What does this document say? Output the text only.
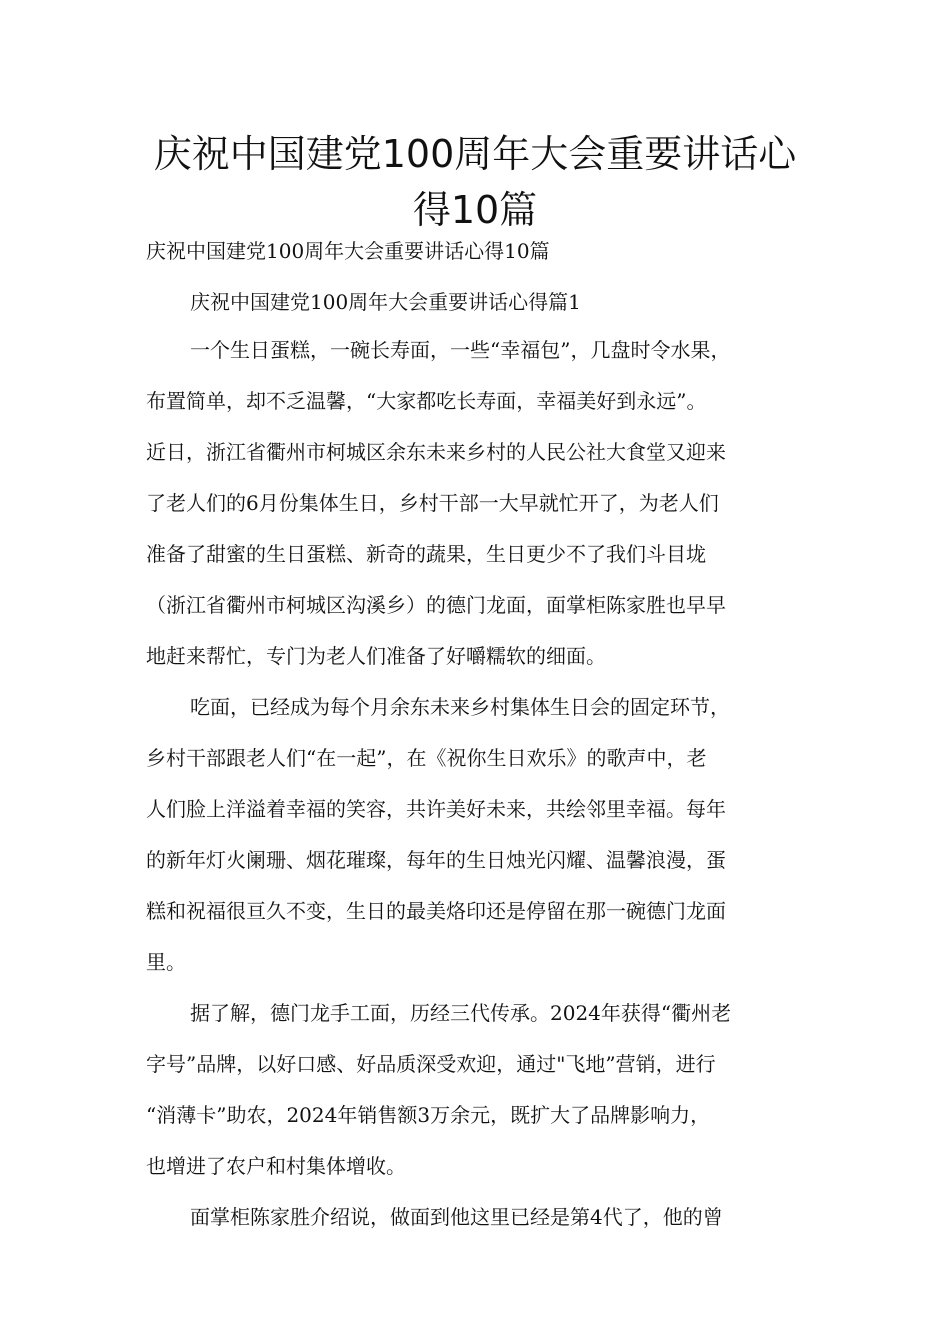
庆祝中国建党100周年大会重要讲话心
得10篇

庆祝中国建党100周年大会重要讲话心得10篇

庆祝中国建党100周年大会重要讲话心得篇1

一个生日蛋糕，一碗长寿面，一些“幸福包”，几盘时令水果，
布置简单，却不乏温馨，“大家都吃长寿面，幸福美好到永远”。
近日，浙江省衢州市柯城区余东未来乡村的人民公社大食堂又迎来
了老人们的6月份集体生日，乡村干部一大早就忙开了，为老人们
准备了甜蜜的生日蛋糕、新奇的蔬果，生日更少不了我们斗目垅
（浙江省衢州市柯城区沟溪乡）的德门龙面，面掌柜陈家胜也早早
地赶来帮忙，专门为老人们准备了好嚼糯软的细面。
吃面，已经成为每个月余东未来乡村集体生日会的固定环节，
乡村干部跟老人们“在一起”，在《祝你生日欢乐》的歌声中，老
人们脸上洋溢着幸福的笑容，共许美好未来，共绘邻里幸福。每年
的新年灯火阑珊、烟花璀璨，每年的生日烛光闪耀、温馨浪漫，蛋
糕和祝福很亘久不变，生日的最美烙印还是停留在那一碗德门龙面
里。
据了解，德门龙手工面，历经三代传承。2024年获得“衢州老
字号”品牌，以好口感、好品质深受欢迎，通过"飞地”营销，进行
“消薄卡”助农，2024年销售额3万余元，既扩大了品牌影响力，
也增进了农户和村集体增收。
面掌柜陈家胜介绍说，做面到他这里已经是第4代了，他的曾
